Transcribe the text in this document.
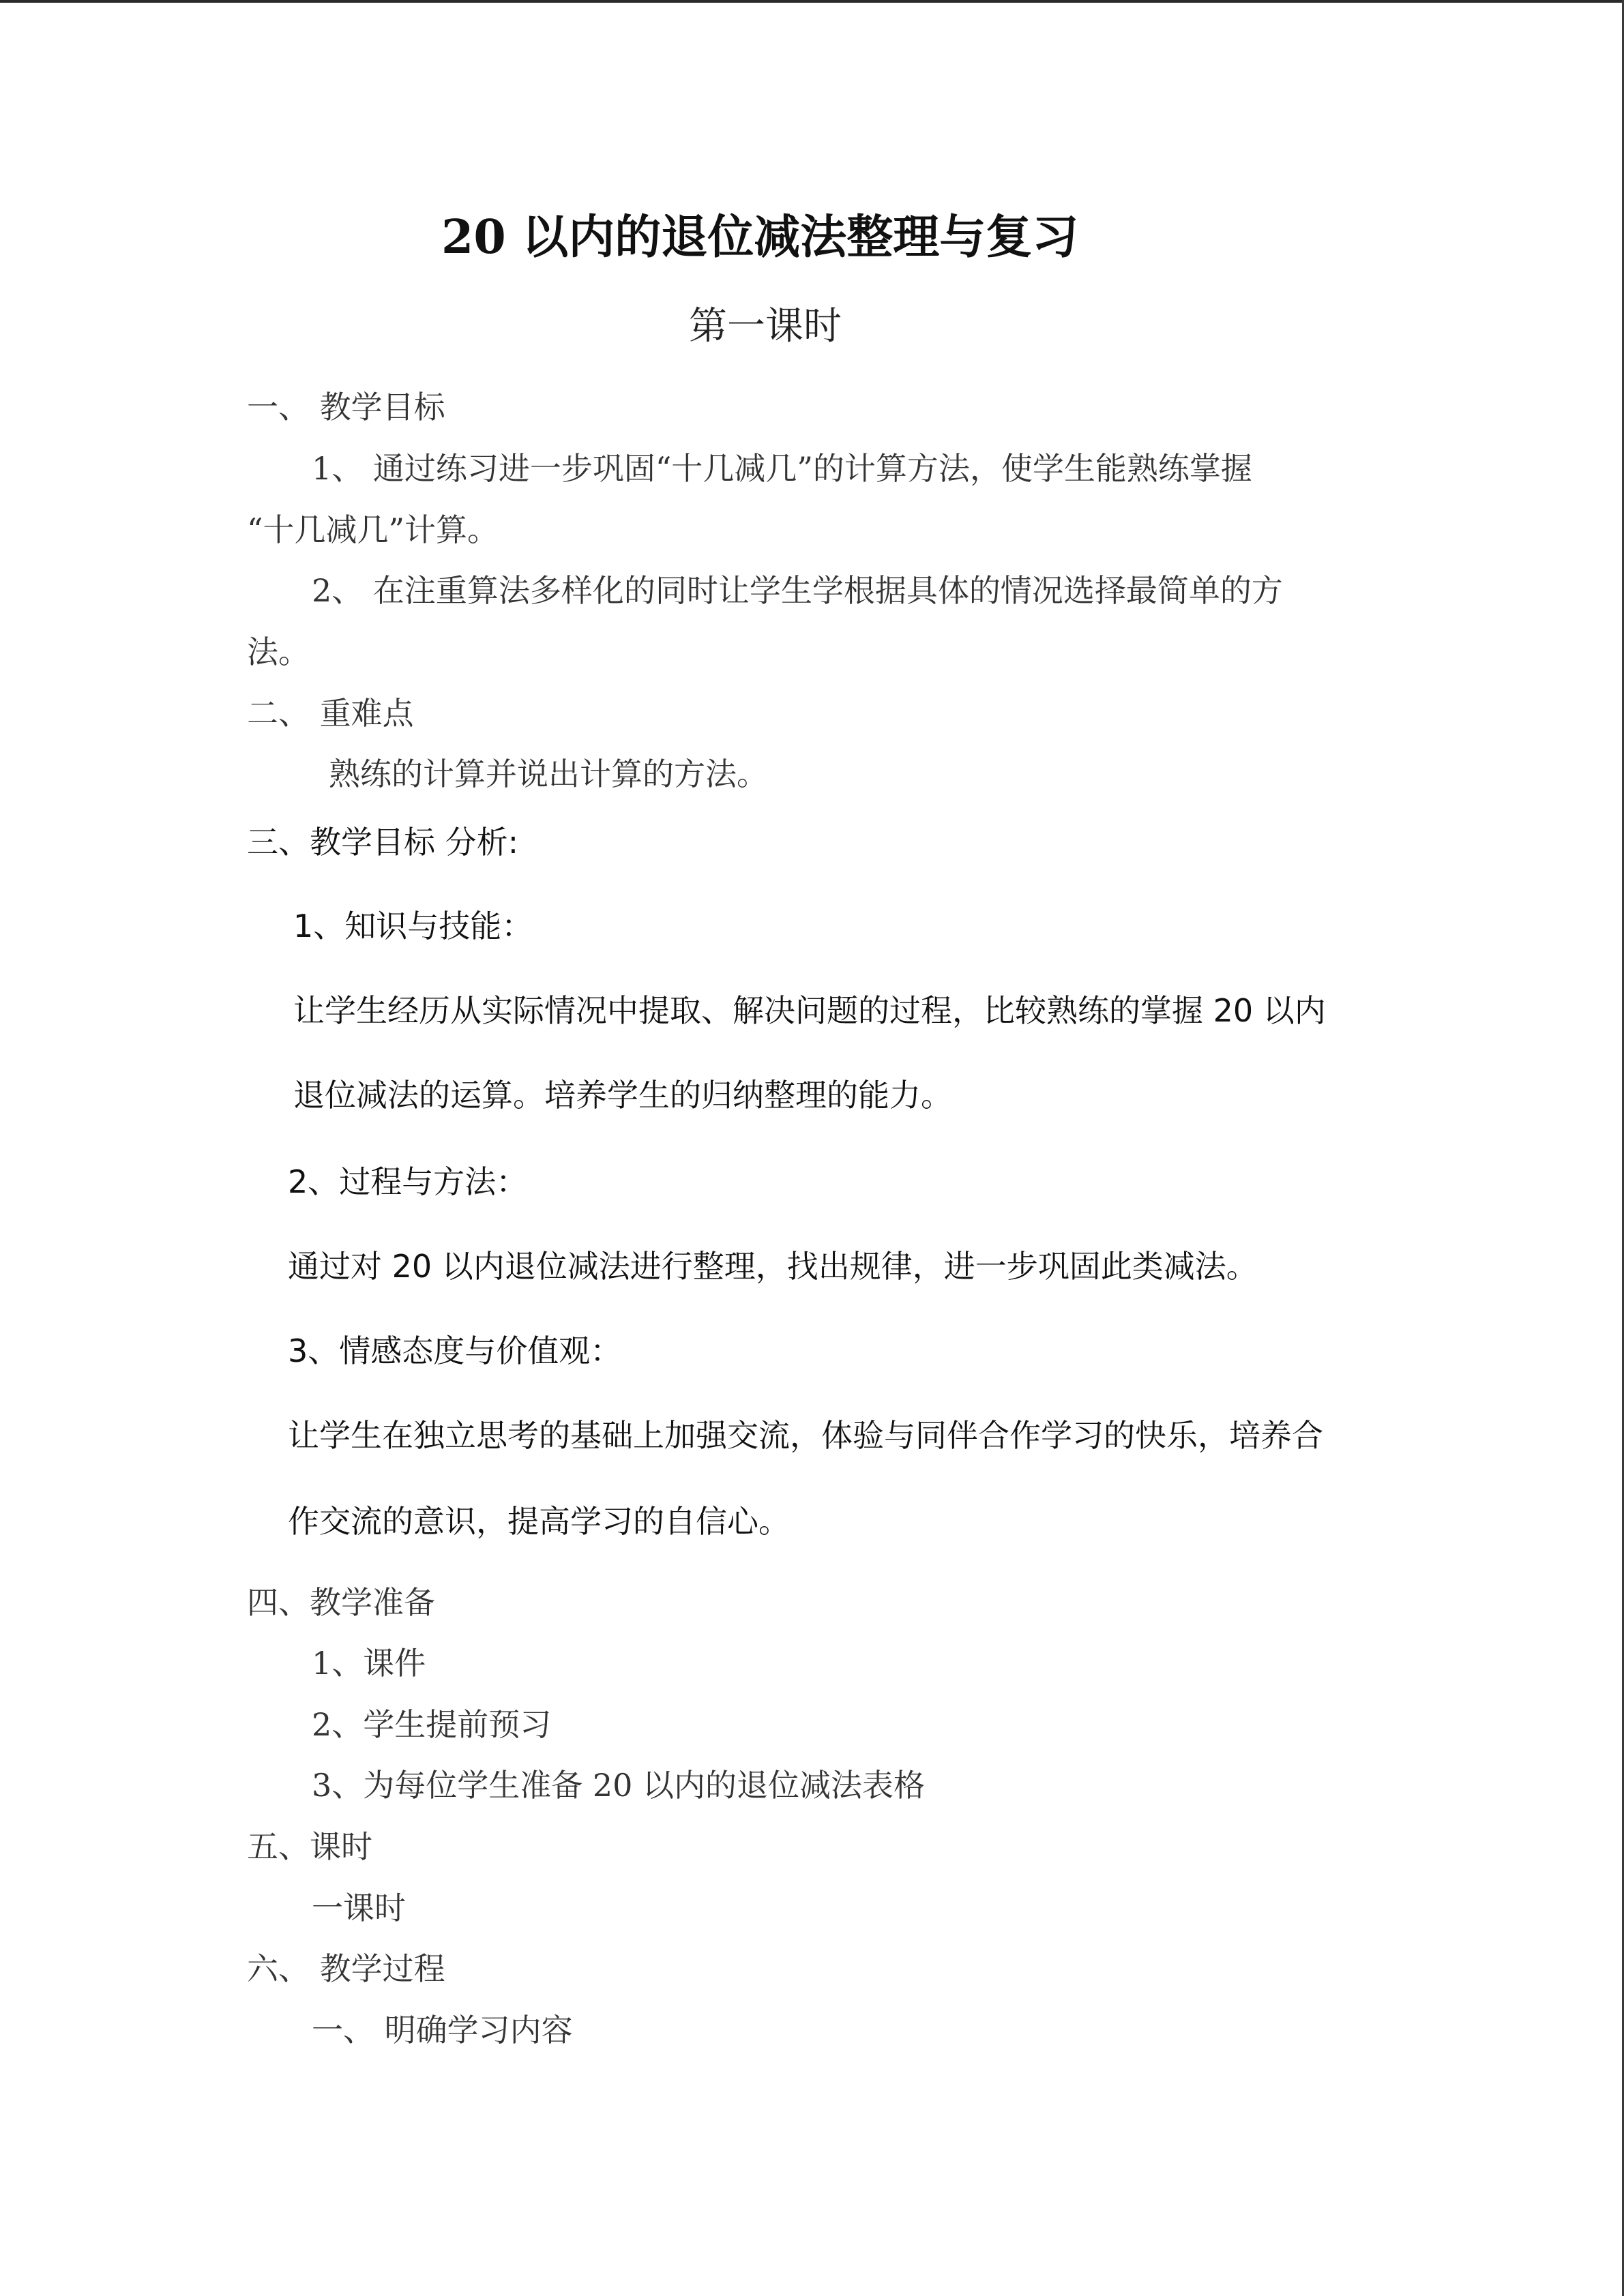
20 以内的退位减法整理与复习
第一课时
一、 教学目标
1、 通过练习进一步巩固“十几减几”的计算方法，使学生能熟练掌握
“十几减几”计算。
2、 在注重算法多样化的同时让学生学根据具体的情况选择最简单的方
法。
二、 重难点
熟练的计算并说出计算的方法。
三、教学目标 分析:
1、知识与技能：
让学生经历从实际情况中提取、解决问题的过程，比较熟练的掌握 20 以内
退位减法的运算。培养学生的归纳整理的能力。
2、过程与方法：
通过对 20 以内退位减法进行整理，找出规律，进一步巩固此类减法。
3、情感态度与价值观：
让学生在独立思考的基础上加强交流，体验与同伴合作学习的快乐，培养合
作交流的意识，提高学习的自信心。
四、教学准备
1、课件
2、学生提前预习
3、为每位学生准备 20 以内的退位减法表格
五、课时
一课时
六、 教学过程
一、 明确学习内容
